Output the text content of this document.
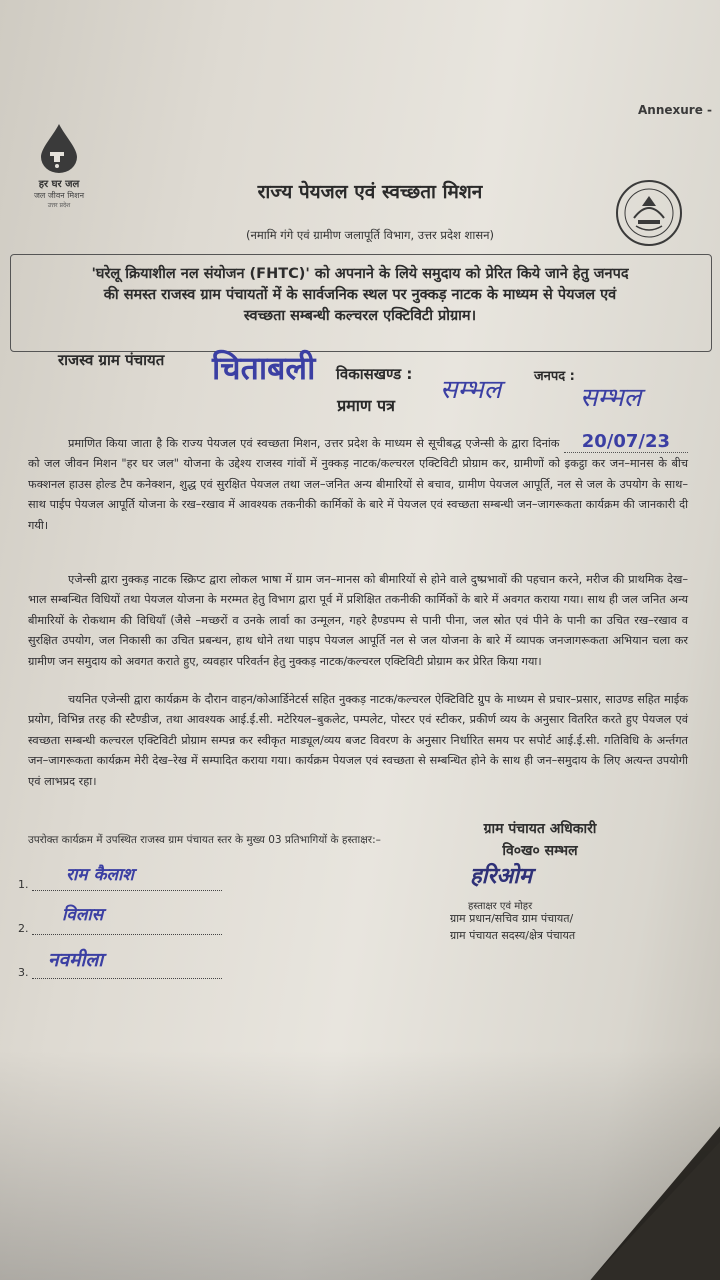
Annexure -

हर घर जल
जल जीवन मिशन
उत्तर प्रदेश
राज्य पेयजल एवं स्वच्छता मिशन

(नमामि गंगे एवं ग्रामीण जलापूर्ति विभाग, उत्तर प्रदेश शासन)

'घरेलू क्रियाशील नल संयोजन (FHTC)' को अपनाने के लिये समुदाय को प्रेरित किये जाने हेतु जनपद
की समस्त राजस्व ग्राम पंचायतों में के सार्वजनिक स्थल पर नुक्कड़ नाटक के माध्यम से पेयजल एवं
स्वच्छता सम्बन्धी कल्चरल एक्टिविटी प्रोग्राम।
राजस्व ग्राम पंचायत चिताबली विकासखण्ड :
सम्भल	जनपद :
सम्भल
प्रमाण पत्र
प्रमाणित किया जाता है कि राज्य पेयजल एवं स्वच्छता मिशन, उत्तर प्रदेश के माध्यम से सूचीबद्ध एजेन्सी के द्वारा दिनांक 20/07/23 को जल जीवन मिशन "हर घर जल" योजना के उद्देश्य राजस्व गांवों में नुक्कड़ नाटक/कल्चरल एक्टिविटी प्रोग्राम कर, ग्रामीणों को इकट्ठा कर जन–मानस के बीच फक्शनल हाउस होल्ड टैप कनेक्शन, शुद्ध एवं सुरक्षित पेयजल तथा जल–जनित अन्य बीमारियों से बचाव, ग्रामीण पेयजल आपूर्ति, नल से जल के उपयोग के साथ–साथ पाईप पेयजल आपूर्ति योजना के रख–रखाव में आवश्यक तकनीकी कार्मिकों के बारे में पेयजल एवं स्वच्छता सम्बन्धी जन–जागरूकता कार्यक्रम की जानकारी दी गयी।
एजेन्सी द्वारा नुक्कड़ नाटक स्क्रिप्ट द्वारा लोकल भाषा में ग्राम जन–मानस को बीमारियों से होने वाले दुष्प्रभावों की पहचान करने, मरीज की प्राथमिक देख–भाल सम्बन्धित विधियों तथा पेयजल योजना के मरम्मत हेतु विभाग द्वारा पूर्व में प्रशिक्षित तकनीकी कार्मिकों के बारे में अवगत कराया गया। साथ ही जल जनित अन्य बीमारियों के रोकथाम की विधियाँ (जैसे –मच्छरों व उनके लार्वा का उन्मूलन, गहरे हैण्डपम्प से पानी पीना, जल स्रोत एवं पीने के पानी का उचित रख–रखाव व सुरक्षित उपयोग, जल निकासी का उचित प्रबन्धन, हाथ धोने तथा पाइप पेयजल आपूर्ति नल से जल योजना के बारे में व्यापक जनजागरूकता अभियान चला कर ग्रामीण जन समुदाय को अवगत कराते हुए, व्यवहार परिवर्तन हेतु नुक्कड़ नाटक/कल्चरल एक्टिविटी प्रोग्राम कर प्रेरित किया गया।
चयनित एजेन्सी द्वारा कार्यक्रम के दौरान वाहन/कोआर्डिनेटर्स सहित नुक्कड़ नाटक/कल्चरल ऐक्टिविटि ग्रुप के माध्यम से प्रचार–प्रसार, साउण्ड सहित माईक प्रयोग, विभिन्न तरह की स्टैण्डीज, तथा आवश्यक आई.ई.सी. मटेरियल–बुकलेट, पम्पलेट, पोस्टर एवं स्टीकर, प्रकीर्ण व्यय के अनुसार वितरित करते हुए पेयजल एवं स्वच्छता सम्बन्धी कल्चरल एक्टिविटी प्रोग्राम सम्पन्न कर स्वीकृत माड्यूल/व्यय बजट विवरण के अनुसार निर्धारित समय पर सपोर्ट आई.ई.सी. गतिविधि के अर्न्तगत जन–जागरूकता कार्यक्रम मेरी देख–रेख में सम्पादित कराया गया। कार्यक्रम पेयजल एवं स्वच्छता से सम्बन्धित होने के साथ ही जन–समुदाय के लिए अत्यन्त उपयोगी एवं लाभप्रद रहा।
उपरोक्त कार्यक्रम में उपस्थित राजस्व ग्राम पंचायत स्तर के मुख्य 03 प्रतिभागियों के हस्ताक्षर:–
1. राम कैलाश
2.
विलास
3.
नवमीला
ग्राम पंचायत अधिकारी
वि०ख० सम्भल
हरिओम
हस्ताक्षर एवं मोहर
ग्राम प्रधान/सचिव ग्राम पंचायत/
ग्राम पंचायत सदस्य/क्षेत्र पंचायत
